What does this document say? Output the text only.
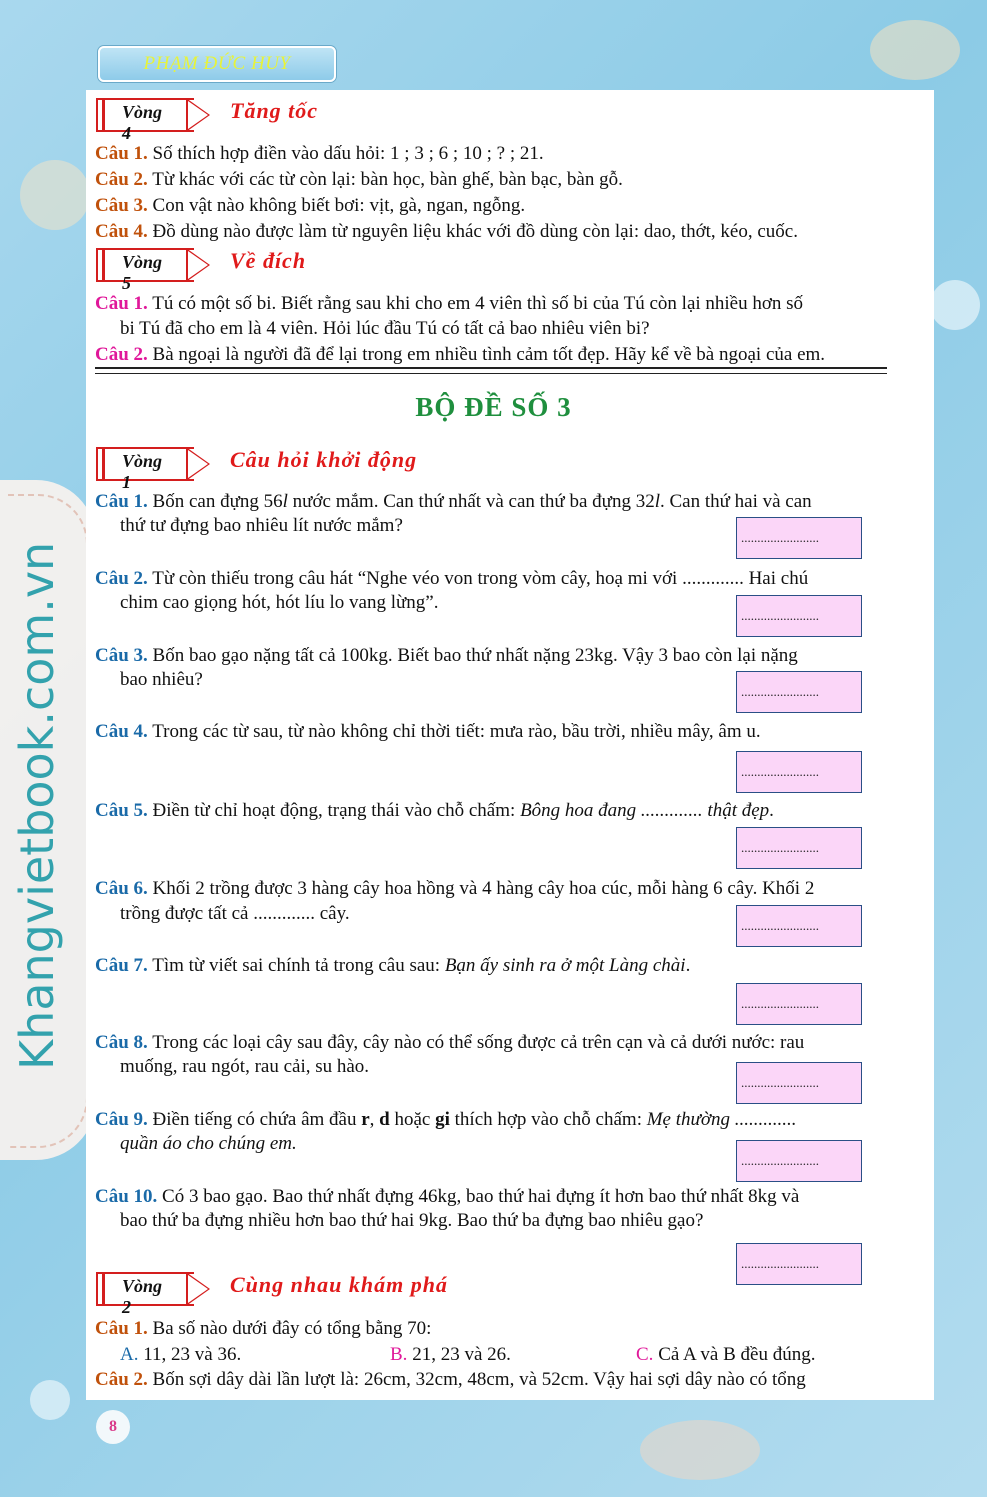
PHẠM ĐỨC HUY
Khangvietbook.com.vn
Vòng 4
Tăng tốc
Câu 1. Số thích hợp điền vào dấu hỏi: 1 ; 3 ; 6 ; 10 ; ? ; 21.
Câu 2. Từ khác với các từ còn lại: bàn học, bàn ghế, bàn bạc, bàn gỗ.
Câu 3. Con vật nào không biết bơi: vịt, gà, ngan, ngỗng.
Câu 4. Đồ dùng nào được làm từ nguyên liệu khác với đồ dùng còn lại: dao, thớt, kéo, cuốc.
Vòng 5
Về đích
Câu 1. Tú có một số bi. Biết rằng sau khi cho em 4 viên thì số bi của Tú còn lại nhiều hơn số
bi Tú đã cho em là 4 viên. Hỏi lúc đầu Tú có tất cả bao nhiêu viên bi?
Câu 2. Bà ngoại là người đã để lại trong em nhiều tình cảm tốt đẹp. Hãy kể về bà ngoại của em.
BỘ ĐỀ SỐ 3
Vòng 1
Câu hỏi khởi động
Câu 1. Bốn can đựng 56l nước mắm. Can thứ nhất và can thứ ba đựng 32l. Can thứ hai và can
thứ tư đựng bao nhiêu lít nước mắm?
........................
Câu 2. Từ còn thiếu trong câu hát “Nghe véo von trong vòm cây, hoạ mi với ............. Hai chú
chim cao giọng hót, hót líu lo vang lừng”.
........................
Câu 3. Bốn bao gạo nặng tất cả 100kg. Biết bao thứ nhất nặng 23kg. Vậy 3 bao còn lại nặng
bao nhiêu?
........................
Câu 4. Trong các từ sau, từ nào không chỉ thời tiết: mưa rào, bầu trời, nhiều mây, âm u.
........................
Câu 5. Điền từ chỉ hoạt động, trạng thái vào chỗ chấm: Bông hoa đang ............. thật đẹp.
........................
Câu 6. Khối 2 trồng được 3 hàng cây hoa hồng và 4 hàng cây hoa cúc, mỗi hàng 6 cây. Khối 2
trồng được tất cả ............. cây.
........................
Câu 7. Tìm từ viết sai chính tả trong câu sau: Bạn ấy sinh ra ở một Làng chài.
........................
Câu 8. Trong các loại cây sau đây, cây nào có thể sống được cả trên cạn và cả dưới nước: rau
muống, rau ngót, rau cải, su hào.
........................
Câu 9. Điền tiếng có chứa âm đầu r, d hoặc gi thích hợp vào chỗ chấm: Mẹ thường .............
quần áo cho chúng em.
........................
Câu 10. Có 3 bao gạo. Bao thứ nhất đựng 46kg, bao thứ hai đựng ít hơn bao thứ nhất 8kg và
bao thứ ba đựng nhiều hơn bao thứ hai 9kg. Bao thứ ba đựng bao nhiêu gạo?
........................
Vòng 2
Cùng nhau khám phá
Câu 1. Ba số nào dưới đây có tổng bằng 70:
A. 11, 23 và 36.	B. 21, 23 và 26.	C. Cả A và B đều đúng.
Câu 2. Bốn sợi dây dài lần lượt là: 26cm, 32cm, 48cm, và 52cm. Vậy hai sợi dây nào có tổng
8
